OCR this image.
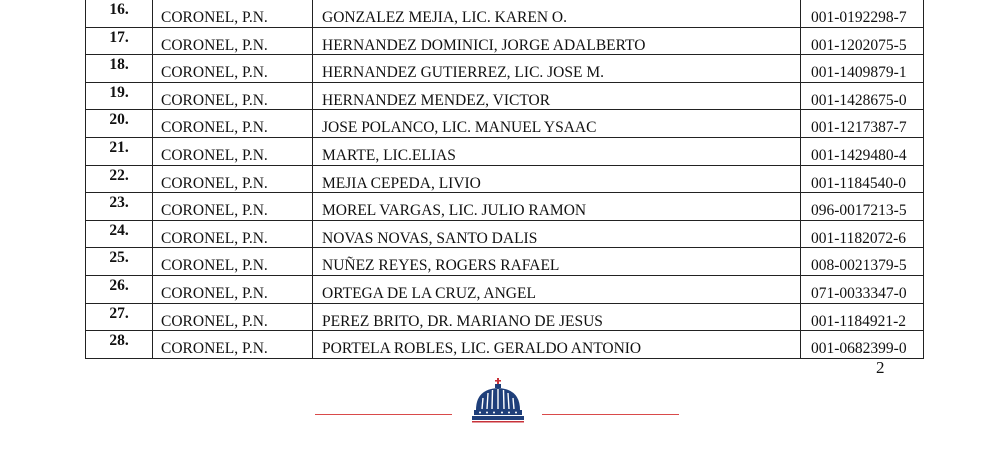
16.	CORONEL, P.N.	GONZALEZ MEJIA, LIC. KAREN O.	001-0192298-7
17.	CORONEL, P.N.	HERNANDEZ DOMINICI, JORGE ADALBERTO	001-1202075-5
18.	CORONEL, P.N.	HERNANDEZ GUTIERREZ, LIC. JOSE M.	001-1409879-1
19.	CORONEL, P.N.	HERNANDEZ MENDEZ, VICTOR	001-1428675-0
20.	CORONEL, P.N.	JOSE POLANCO, LIC. MANUEL YSAAC	001-1217387-7
21.	CORONEL, P.N.	MARTE, LIC.ELIAS	001-1429480-4
22.	CORONEL, P.N.	MEJIA CEPEDA, LIVIO	001-1184540-0
23.	CORONEL, P.N.	MOREL VARGAS, LIC. JULIO RAMON	096-0017213-5
24.	CORONEL, P.N.	NOVAS NOVAS, SANTO DALIS	001-1182072-6
25.	CORONEL, P.N.	NUÑEZ REYES, ROGERS RAFAEL	008-0021379-5
26.	CORONEL, P.N.	ORTEGA DE LA CRUZ, ANGEL	071-0033347-0
27.	CORONEL, P.N.	PEREZ BRITO, DR. MARIANO DE JESUS	001-1184921-2
28.	CORONEL, P.N.	PORTELA ROBLES, LIC. GERALDO ANTONIO	001-0682399-0
2
